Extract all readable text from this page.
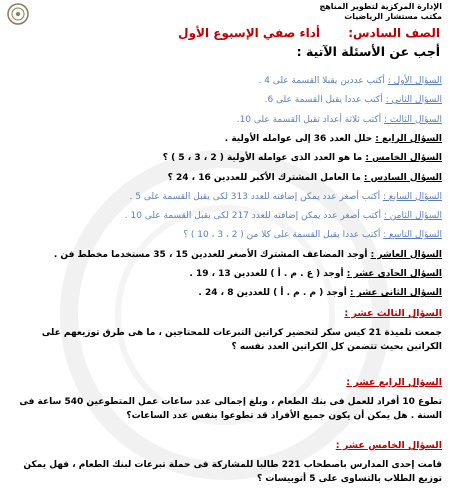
الإدارة المركزية لتطوير المناهج
مكتب مستشار الرياضيات
الصف السادس:
أداء صفي الإسبوع الأول
أجب عن الأسئلة الآتية :
السؤال الأول : أكتب عددين يقبلا القسمة على 4 .
السؤال الثاني : أكتب عددا يقبل القسمة على 6.
السؤال الثالث : أكتب ثلاثة أعداد تقبل القسمة على 10.
السؤال الرابع : حلل العدد 36 إلى عوامله الأولية .
السؤال الخامس : ما هو العدد الذى عوامله الأولية ( 2 ، 3 ، 5 ) ؟
السؤال السادس : ما العامل المشترك الأكبر للعددين 16 ، 24 ؟
السؤال السابع : أكتب أصغر عدد يمكن إضافته للعدد 313 لكى يقبل القسمة على 5 .
السؤال الثامن : أكتب أصغر عدد يمكن إضافته للعدد 217 لكى يقبل القسمة على 10 .
السؤال التاسع : أكتب عددا يقبل القسمة على كلا من ( 2 ، 3 ، 10 ) ؟
السؤال العاشر : أوجد المضاعف المشترك الأصغر للعددين 15 ، 35 مستخدما مخطط فن .
السؤال الحادى عشر : أوجد ( ع . م . أ ) للعددين 13 ، 19 .
السؤال الثانى عشر : أوجد ( م . م . أ ) للعددين 8 ، 24 .
السؤال الثالث عشر :
جمعت تلميذة 21 كيس سكر لتحضير كراتين التبرعات للمحتاجين ، ما هى طرق توزيعهم على
الكراتين بحيث تتضمن كل الكراتين العدد نفسه ؟
السؤال الرابع عشر :
تطوع 10 أفراد للعمل فى بنك الطعام ، وبلغ إجمالى عدد ساعات عمل المتطوعين 540 ساعة فى
السنة . هل يمكن أن يكون جميع الأفراد قد تطوعوا بنفس عدد الساعات؟
السؤال الخامس عشر :
قامت إحدى المدارس باصطحاب 221 طالبا للمشاركة فى حملة تبرعات لبنك الطعام ، فهل يمكن
توزيع الطلاب بالتساوى على 5 أتوبيسات ؟
